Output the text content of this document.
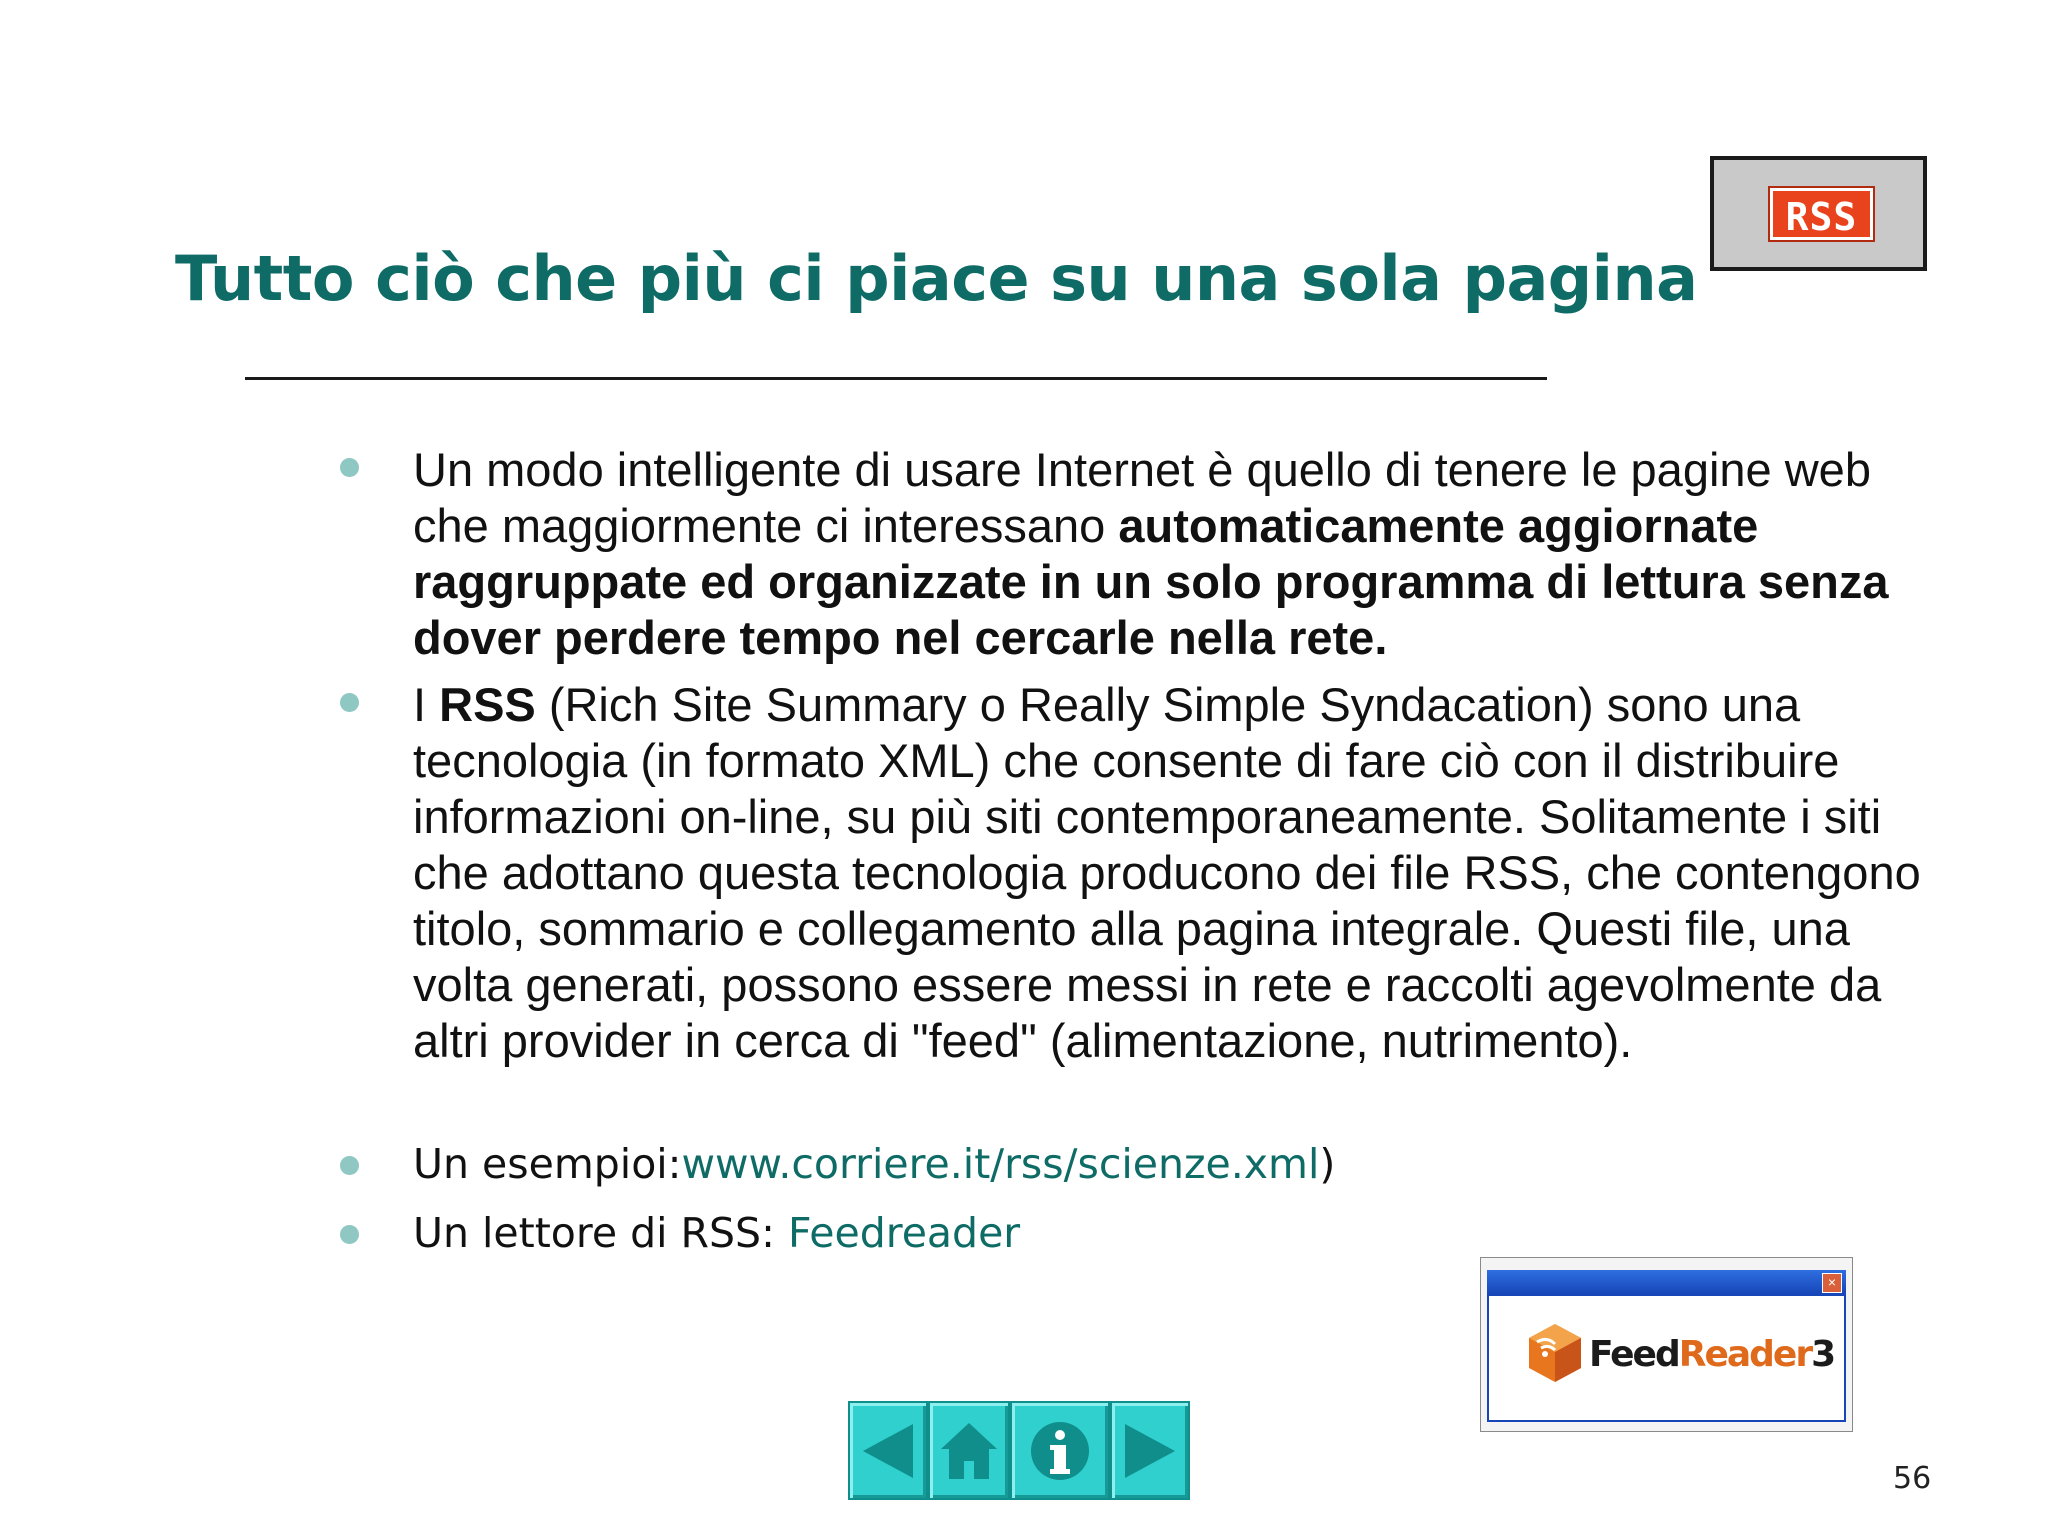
Tutto ciò che più ci piace su una sola pagina
RSS
Un modo intelligente di usare Internet è quello di tenere le pagine web che maggiormente ci interessano automaticamente aggiornate raggruppate ed organizzate in un solo programma di lettura senza dover perdere tempo nel cercarle nella rete.
I RSS (Rich Site Summary o Really Simple Syndacation) sono una tecnologia (in formato XML) che consente di fare ciò con il distribuire informazioni on-line, su più siti contemporaneamente. Solitamente i siti che adottano questa tecnologia producono dei file RSS, che contengono titolo, sommario e collegamento alla pagina integrale. Questi file, una volta generati, possono essere messi in rete e raccolti agevolmente da altri provider in cerca di "feed" (alimentazione, nutrimento).
Un esempioi:www.corriere.it/rss/scienze.xml)
Un lettore di RSS: Feedreader
×
FeedReader3
56
